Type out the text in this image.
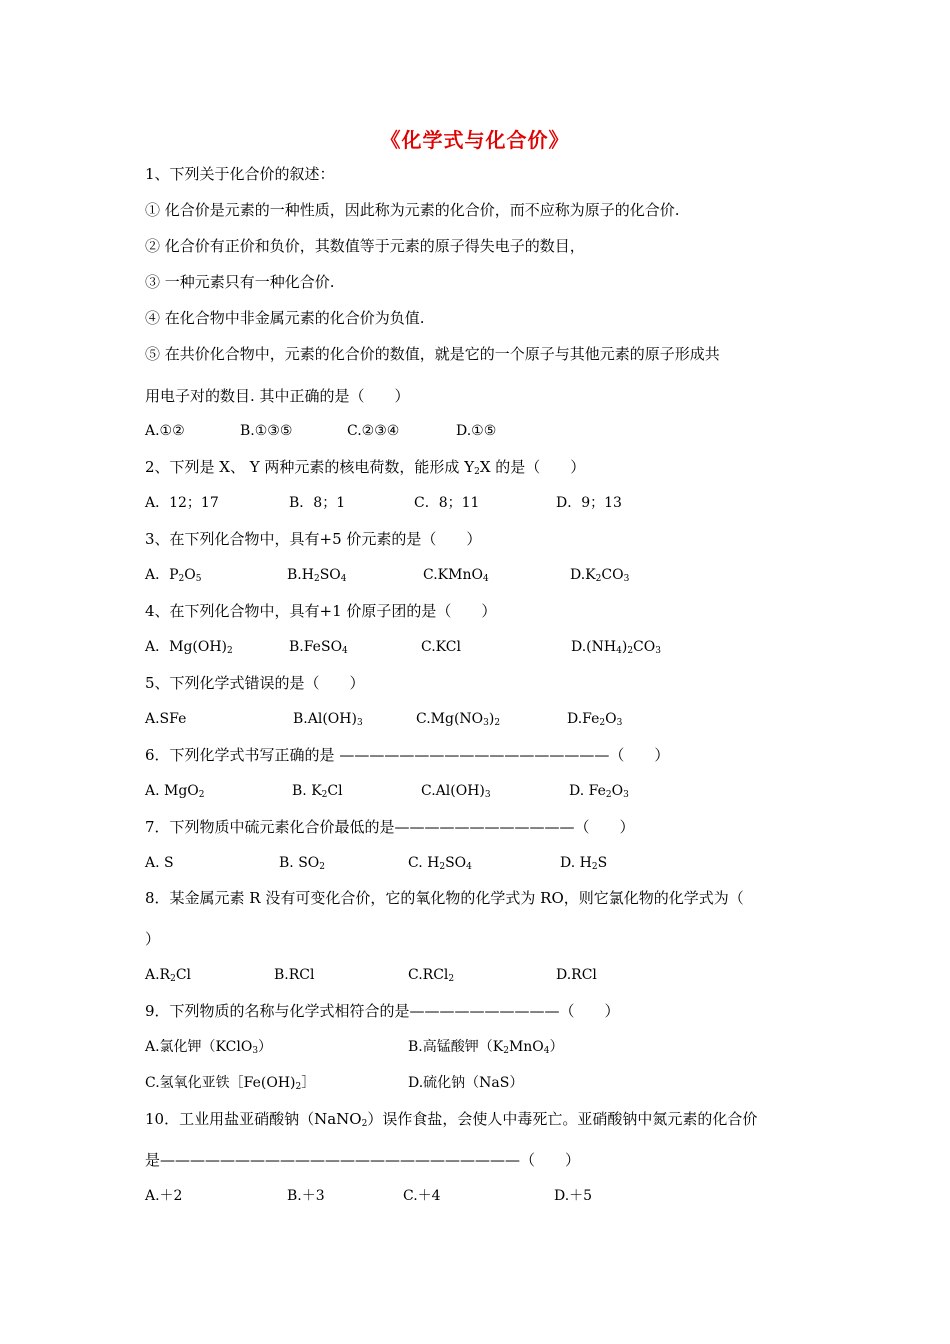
《化学式与化合价》
1、下列关于化合价的叙述：
① 化合价是元素的一种性质，因此称为元素的化合价，而不应称为原子的化合价.
② 化合价有正价和负价，其数值等于元素的原子得失电子的数目，
③ 一种元素只有一种化合价.
④ 在化合物中非金属元素的化合价为负值.
⑤ 在共价化合物中，元素的化合价的数值，就是它的一个原子与其他元素的原子形成共
用电子对的数目. 其中正确的是（　　）
A.①②	B.①③⑤	C.②③④	D.①⑤
2、下列是 X、 Y 两种元素的核电荷数，能形成 $Y_2X$ 的是（　　）
A．12；17	B．8；1	C．8；11	D．9；13
3、在下列化合物中，具有+5 价元素的是（　　）
A．$P_2O_5$	$B.H_2SO_4$	C.KMnO$_4$	$D.K_2CO_3$
4、在下列化合物中，具有+1 价原子团的是（　　）
A．$Mg(OH)_2$	B.FeSO$_4$	C.KCl	$D.(NH_4)_2CO_3$
5、下列化学式错误的是（　　）
A.SFe	$B.Al(OH)_3$	$C.Mg(NO_3)_2$	$D.Fe_2O_3$
6．下列化学式书写正确的是 ——————————————————（　　）
A. MgO$_2$	B. $K_2Cl$	$C.Al(OH)_3$	D. $Fe_2O_3$
7．下列物质中硫元素化合价最低的是————————————（　　）
A. S	B. $SO_2$	C. $H_2SO_4$	D. $H_2S$
8．某金属元素 R 没有可变化合价，它的氧化物的化学式为 RO，则它氯化物的化学式为（
）
$A.R_2Cl$	B.RCl	C.RCl$_2$	D.RCl
9．下列物质的名称与化学式相符合的是——————————（　　）
A.氯化钾（KClO$_3$）	B.高锰酸钾$(K_2MnO_4)$
C.氢氧化亚铁$[Fe(OH)_2]$	D.硫化钠（NaS）
10．工业用盐亚硝酸钠（NaNO$_2$）误作食盐，会使人中毒死亡。亚硝酸钠中氮元素的化合价
是————————————————————————（　　）
A.＋2	B.＋3	C.＋4	D.＋5
